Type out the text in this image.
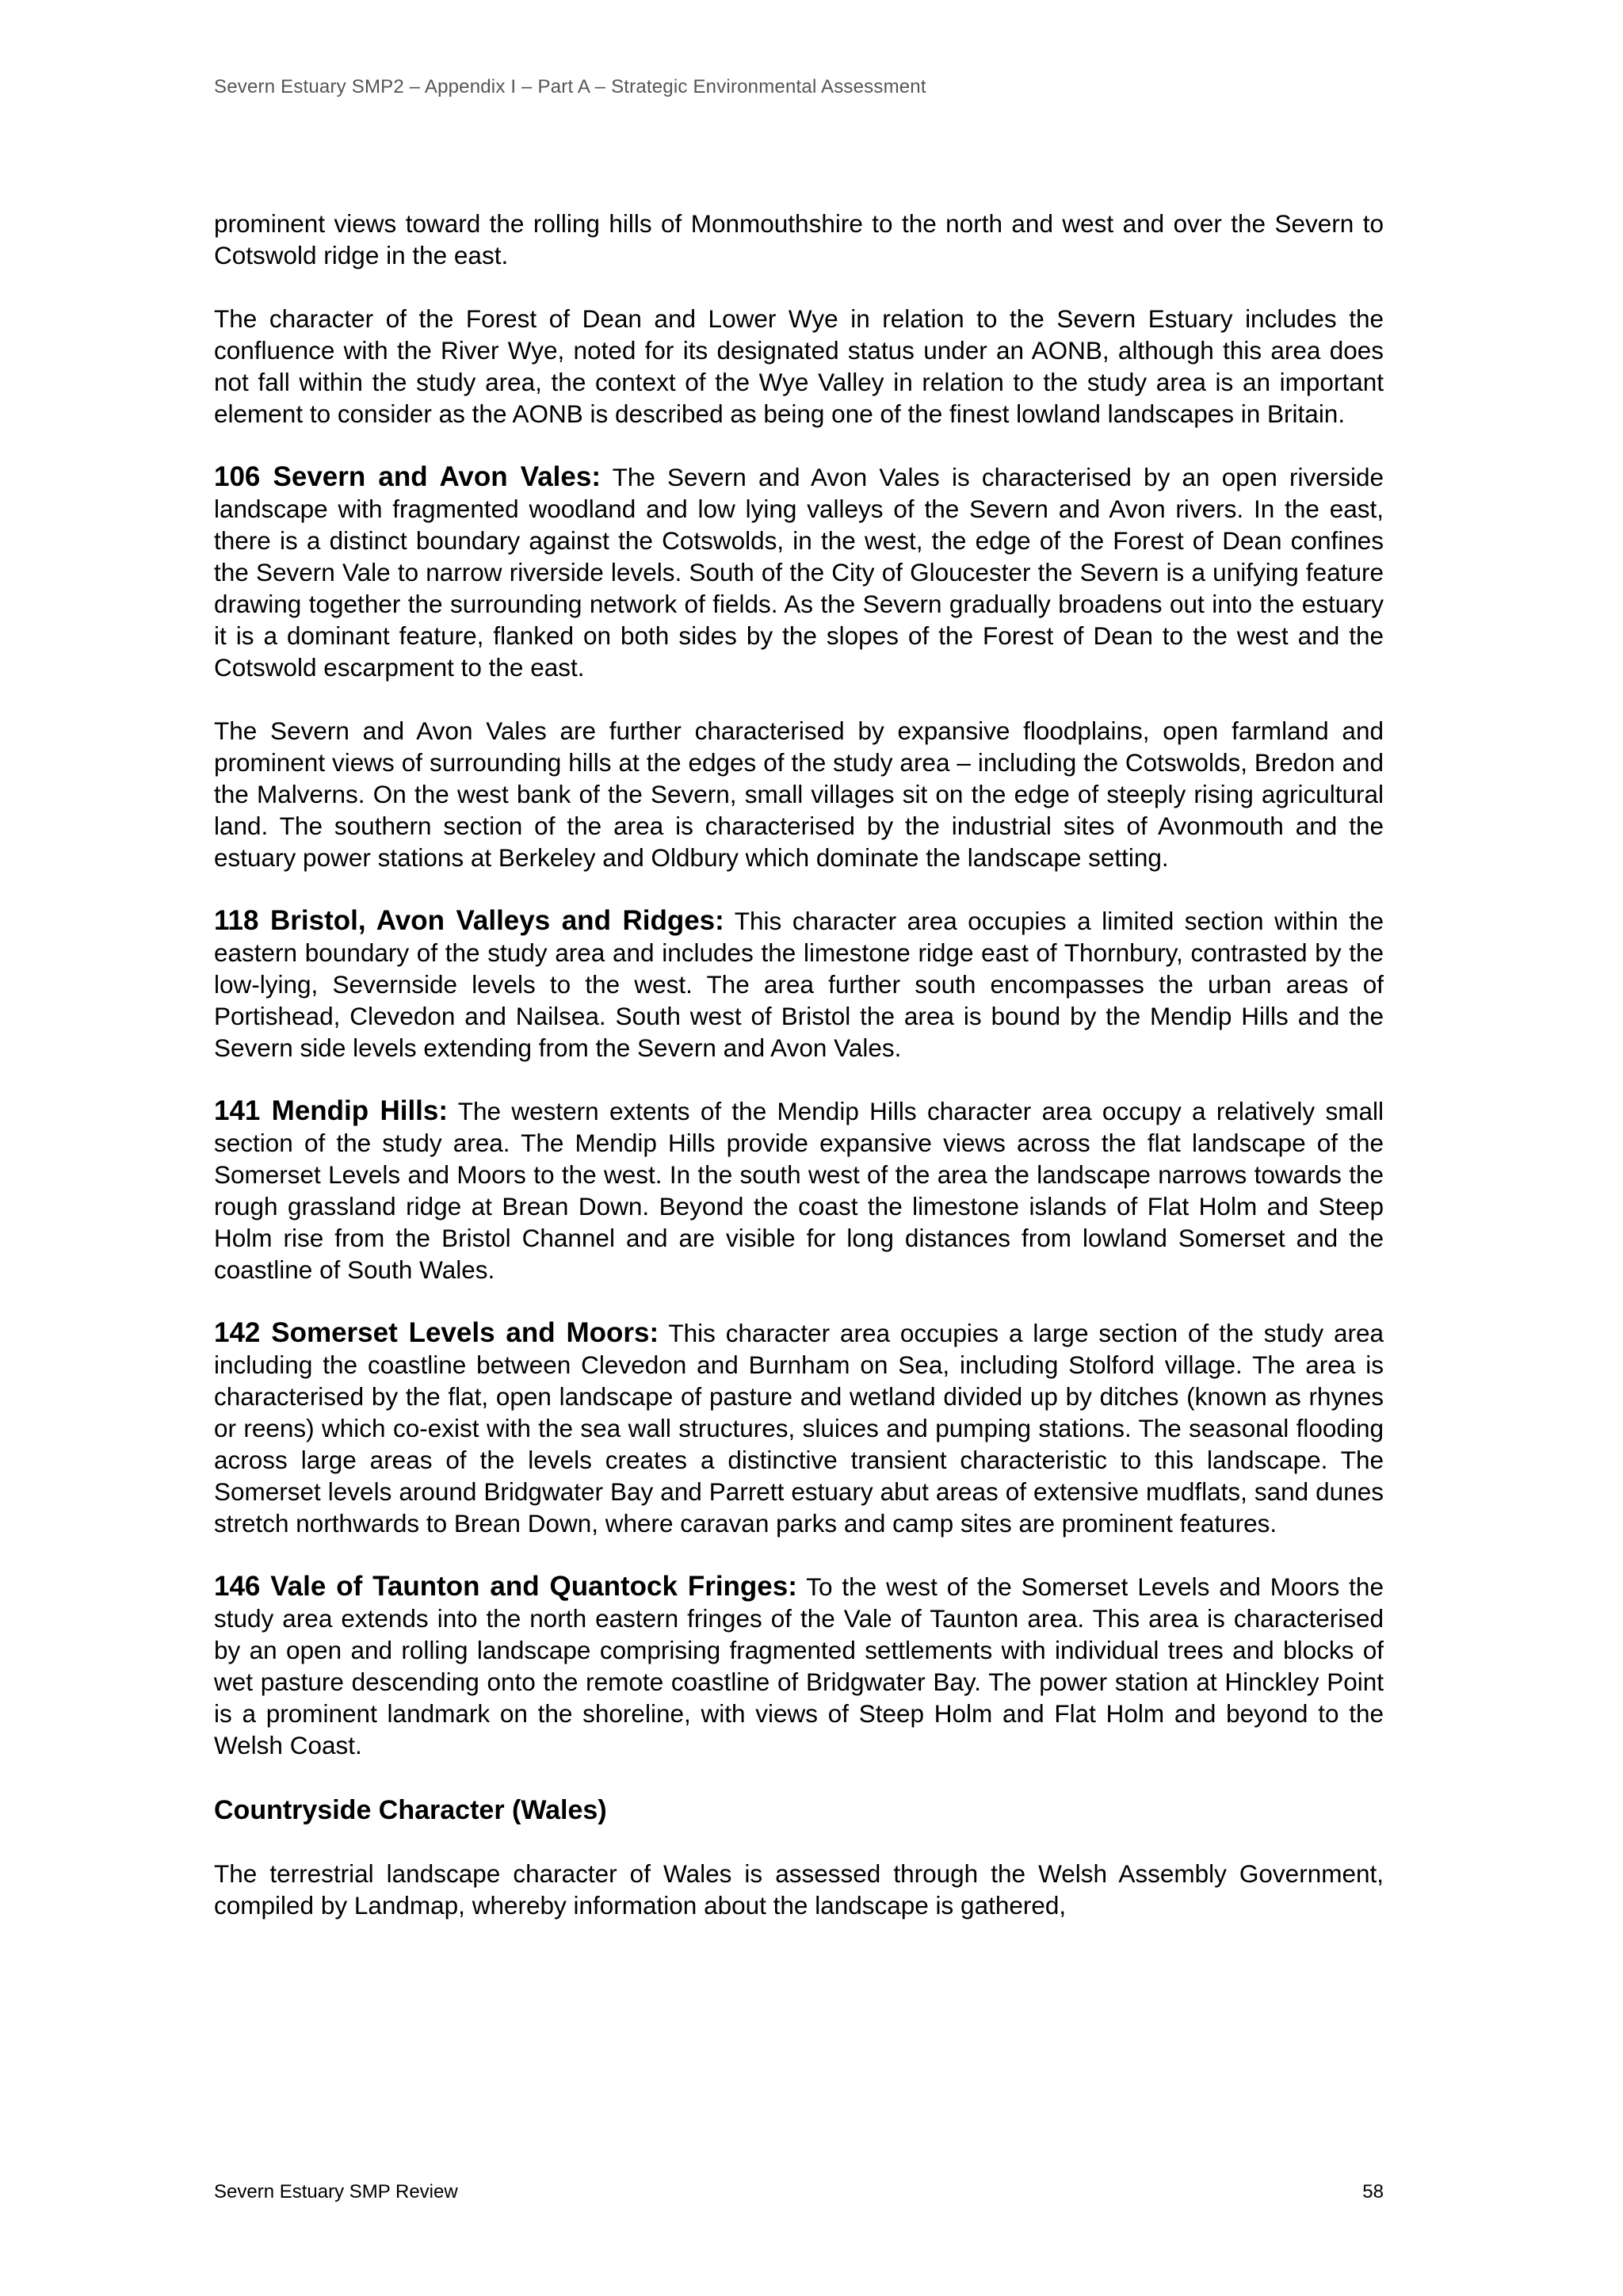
Severn Estuary SMP2 – Appendix I – Part A – Strategic Environmental Assessment

prominent views toward the rolling hills of Monmouthshire to the north and west and over the Severn to Cotswold ridge in the east.

The character of the Forest of Dean and Lower Wye in relation to the Severn Estuary includes the confluence with the River Wye, noted for its designated status under an AONB, although this area does not fall within the study area, the context of the Wye Valley in relation to the study area is an important element to consider as the AONB is described as being one of the finest lowland landscapes in Britain.

106 Severn and Avon Vales: The Severn and Avon Vales is characterised by an open riverside landscape with fragmented woodland and low lying valleys of the Severn and Avon rivers. In the east, there is a distinct boundary against the Cotswolds, in the west, the edge of the Forest of Dean confines the Severn Vale to narrow riverside levels. South of the City of Gloucester the Severn is a unifying feature drawing together the surrounding network of fields. As the Severn gradually broadens out into the estuary it is a dominant feature, flanked on both sides by the slopes of the Forest of Dean to the west and the Cotswold escarpment to the east.

The Severn and Avon Vales are further characterised by expansive floodplains, open farmland and prominent views of surrounding hills at the edges of the study area – including the Cotswolds, Bredon and the Malverns. On the west bank of the Severn, small villages sit on the edge of steeply rising agricultural land. The southern section of the area is characterised by the industrial sites of Avonmouth and the estuary power stations at Berkeley and Oldbury which dominate the landscape setting.

118 Bristol, Avon Valleys and Ridges: This character area occupies a limited section within the eastern boundary of the study area and includes the limestone ridge east of Thornbury, contrasted by the low-lying, Severnside levels to the west. The area further south encompasses the urban areas of Portishead, Clevedon and Nailsea. South west of Bristol the area is bound by the Mendip Hills and the Severn side levels extending from the Severn and Avon Vales.

141 Mendip Hills: The western extents of the Mendip Hills character area occupy a relatively small section of the study area. The Mendip Hills provide expansive views across the flat landscape of the Somerset Levels and Moors to the west. In the south west of the area the landscape narrows towards the rough grassland ridge at Brean Down. Beyond the coast the limestone islands of Flat Holm and Steep Holm rise from the Bristol Channel and are visible for long distances from lowland Somerset and the coastline of South Wales.

142 Somerset Levels and Moors: This character area occupies a large section of the study area including the coastline between Clevedon and Burnham on Sea, including Stolford village. The area is characterised by the flat, open landscape of pasture and wetland divided up by ditches (known as rhynes or reens) which co-exist with the sea wall structures, sluices and pumping stations. The seasonal flooding across large areas of the levels creates a distinctive transient characteristic to this landscape. The Somerset levels around Bridgwater Bay and Parrett estuary abut areas of extensive mudflats, sand dunes stretch northwards to Brean Down, where caravan parks and camp sites are prominent features.

146 Vale of Taunton and Quantock Fringes: To the west of the Somerset Levels and Moors the study area extends into the north eastern fringes of the Vale of Taunton area. This area is characterised by an open and rolling landscape comprising fragmented settlements with individual trees and blocks of wet pasture descending onto the remote coastline of Bridgwater Bay. The power station at Hinckley Point is a prominent landmark on the shoreline, with views of Steep Holm and Flat Holm and beyond to the Welsh Coast.

Countryside Character (Wales)

The terrestrial landscape character of Wales is assessed through the Welsh Assembly Government, compiled by Landmap, whereby information about the landscape is gathered,

Severn Estuary SMP Review	58
